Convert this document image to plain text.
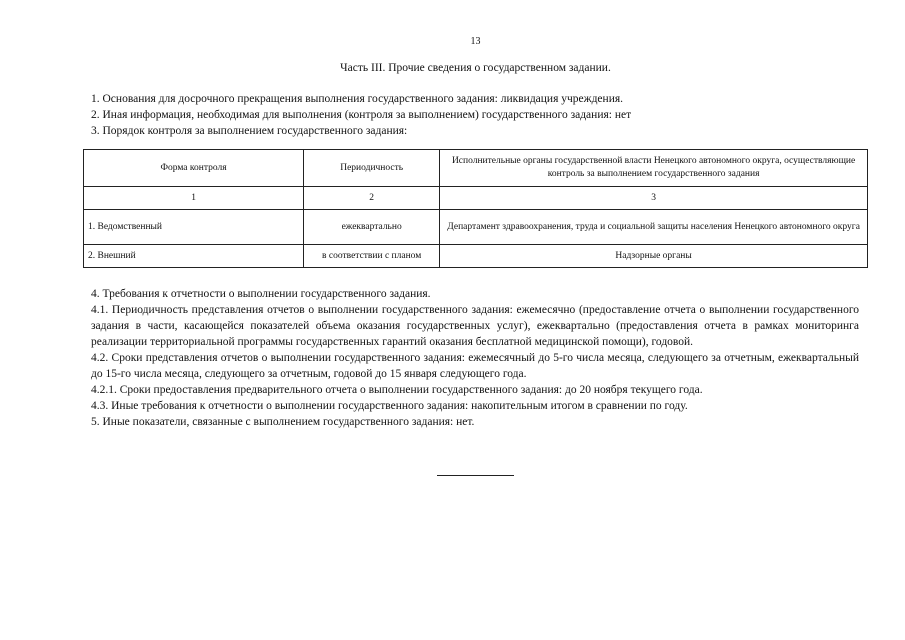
13
Часть III. Прочие сведения о государственном задании.
1. Основания для досрочного прекращения выполнения государственного задания: ликвидация учреждения.
2. Иная информация, необходимая для выполнения (контроля за выполнением) государственного задания: нет
3. Порядок контроля за выполнением государственного задания:
Форма контроля	Периодичность	Исполнительные органы государственной власти Ненецкого автономного округа, осуществляющие контроль за выполнением государственного задания
1	2	3
1. Ведомственный	ежеквартально	Департамент здравоохранения, труда и социальной защиты населения Ненецкого автономного округа
2. Внешний	в соответствии с планом	Надзорные органы
4. Требования к отчетности о выполнении государственного задания.
4.1. Периодичность представления отчетов о выполнении государственного задания: ежемесячно (предоставление отчета о выполнении государственного задания в части, касающейся показателей объема оказания государственных услуг), ежеквартально (предоставления отчета в рамках мониторинга реализации территориальной программы государственных гарантий оказания бесплатной медицинской помощи), годовой.
4.2. Сроки представления отчетов о выполнении государственного задания: ежемесячный до 5-го числа месяца, следующего за отчетным, ежеквартальный до 15-го числа месяца, следующего за отчетным, годовой до 15 января следующего года.
4.2.1. Сроки предоставления предварительного отчета о выполнении государственного задания: до 20 ноября текущего года.
4.3. Иные требования к отчетности о выполнении государственного задания: накопительным итогом в сравнении по году.
5. Иные показатели, связанные с выполнением государственного задания: нет.
